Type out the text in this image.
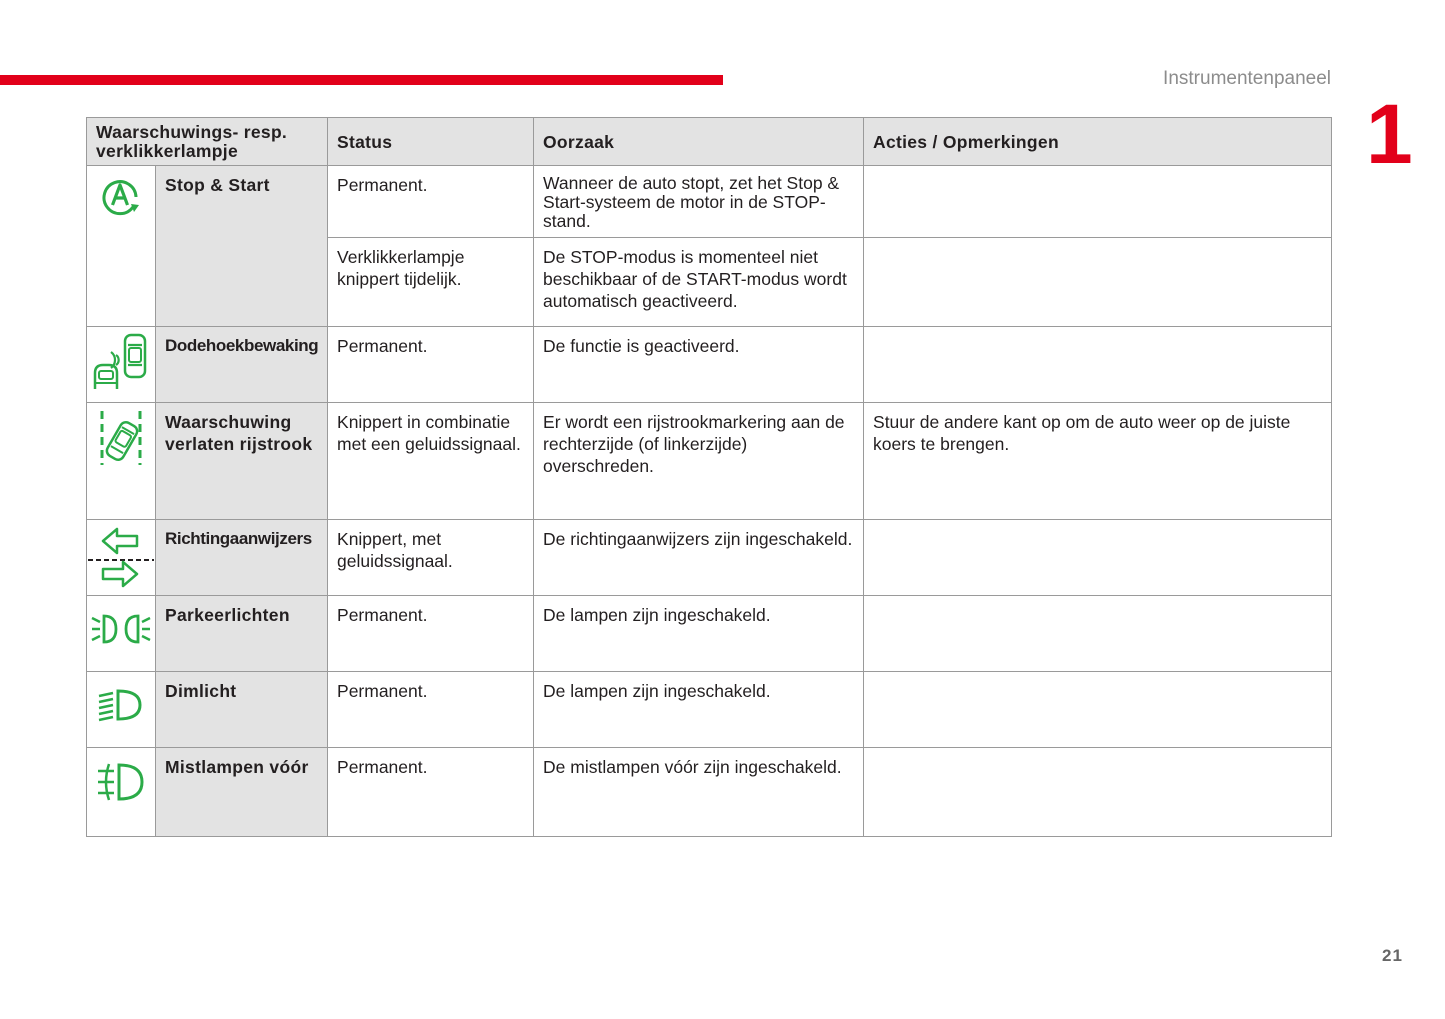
Instrumentenpaneel
1
Waarschuwings- resp. verklikkerlampje		Status	Oorzaak	Acties / Opmerkingen

	Stop & Start	Permanent.	Wanneer de auto stopt, zet het Stop & Start-systeem de motor in de STOP-stand.	
		Verklikkerlampje knippert tijdelijk.	De STOP-modus is momenteel niet beschikbaar of de START-modus wordt automatisch geactiveerd.	

	Dodehoekbewaking	Permanent.	De functie is geactiveerd.	

	Waarschuwing verlaten rijstrook	Knippert in combinatie met een geluidssignaal.	Er wordt een rijstrookmarkering aan de rechterzijde (of linkerzijde) overschreden.	Stuur de andere kant op om de auto weer op de juiste koers te brengen.

	Richtingaanwijzers	Knippert, met geluidssignaal.	De richtingaanwijzers zijn ingeschakeld.	

	Parkeerlichten	Permanent.	De lampen zijn ingeschakeld.	

	Dimlicht	Permanent.	De lampen zijn ingeschakeld.	

	Mistlampen vóór	Permanent.	De mistlampen vóór zijn ingeschakeld.	
21
